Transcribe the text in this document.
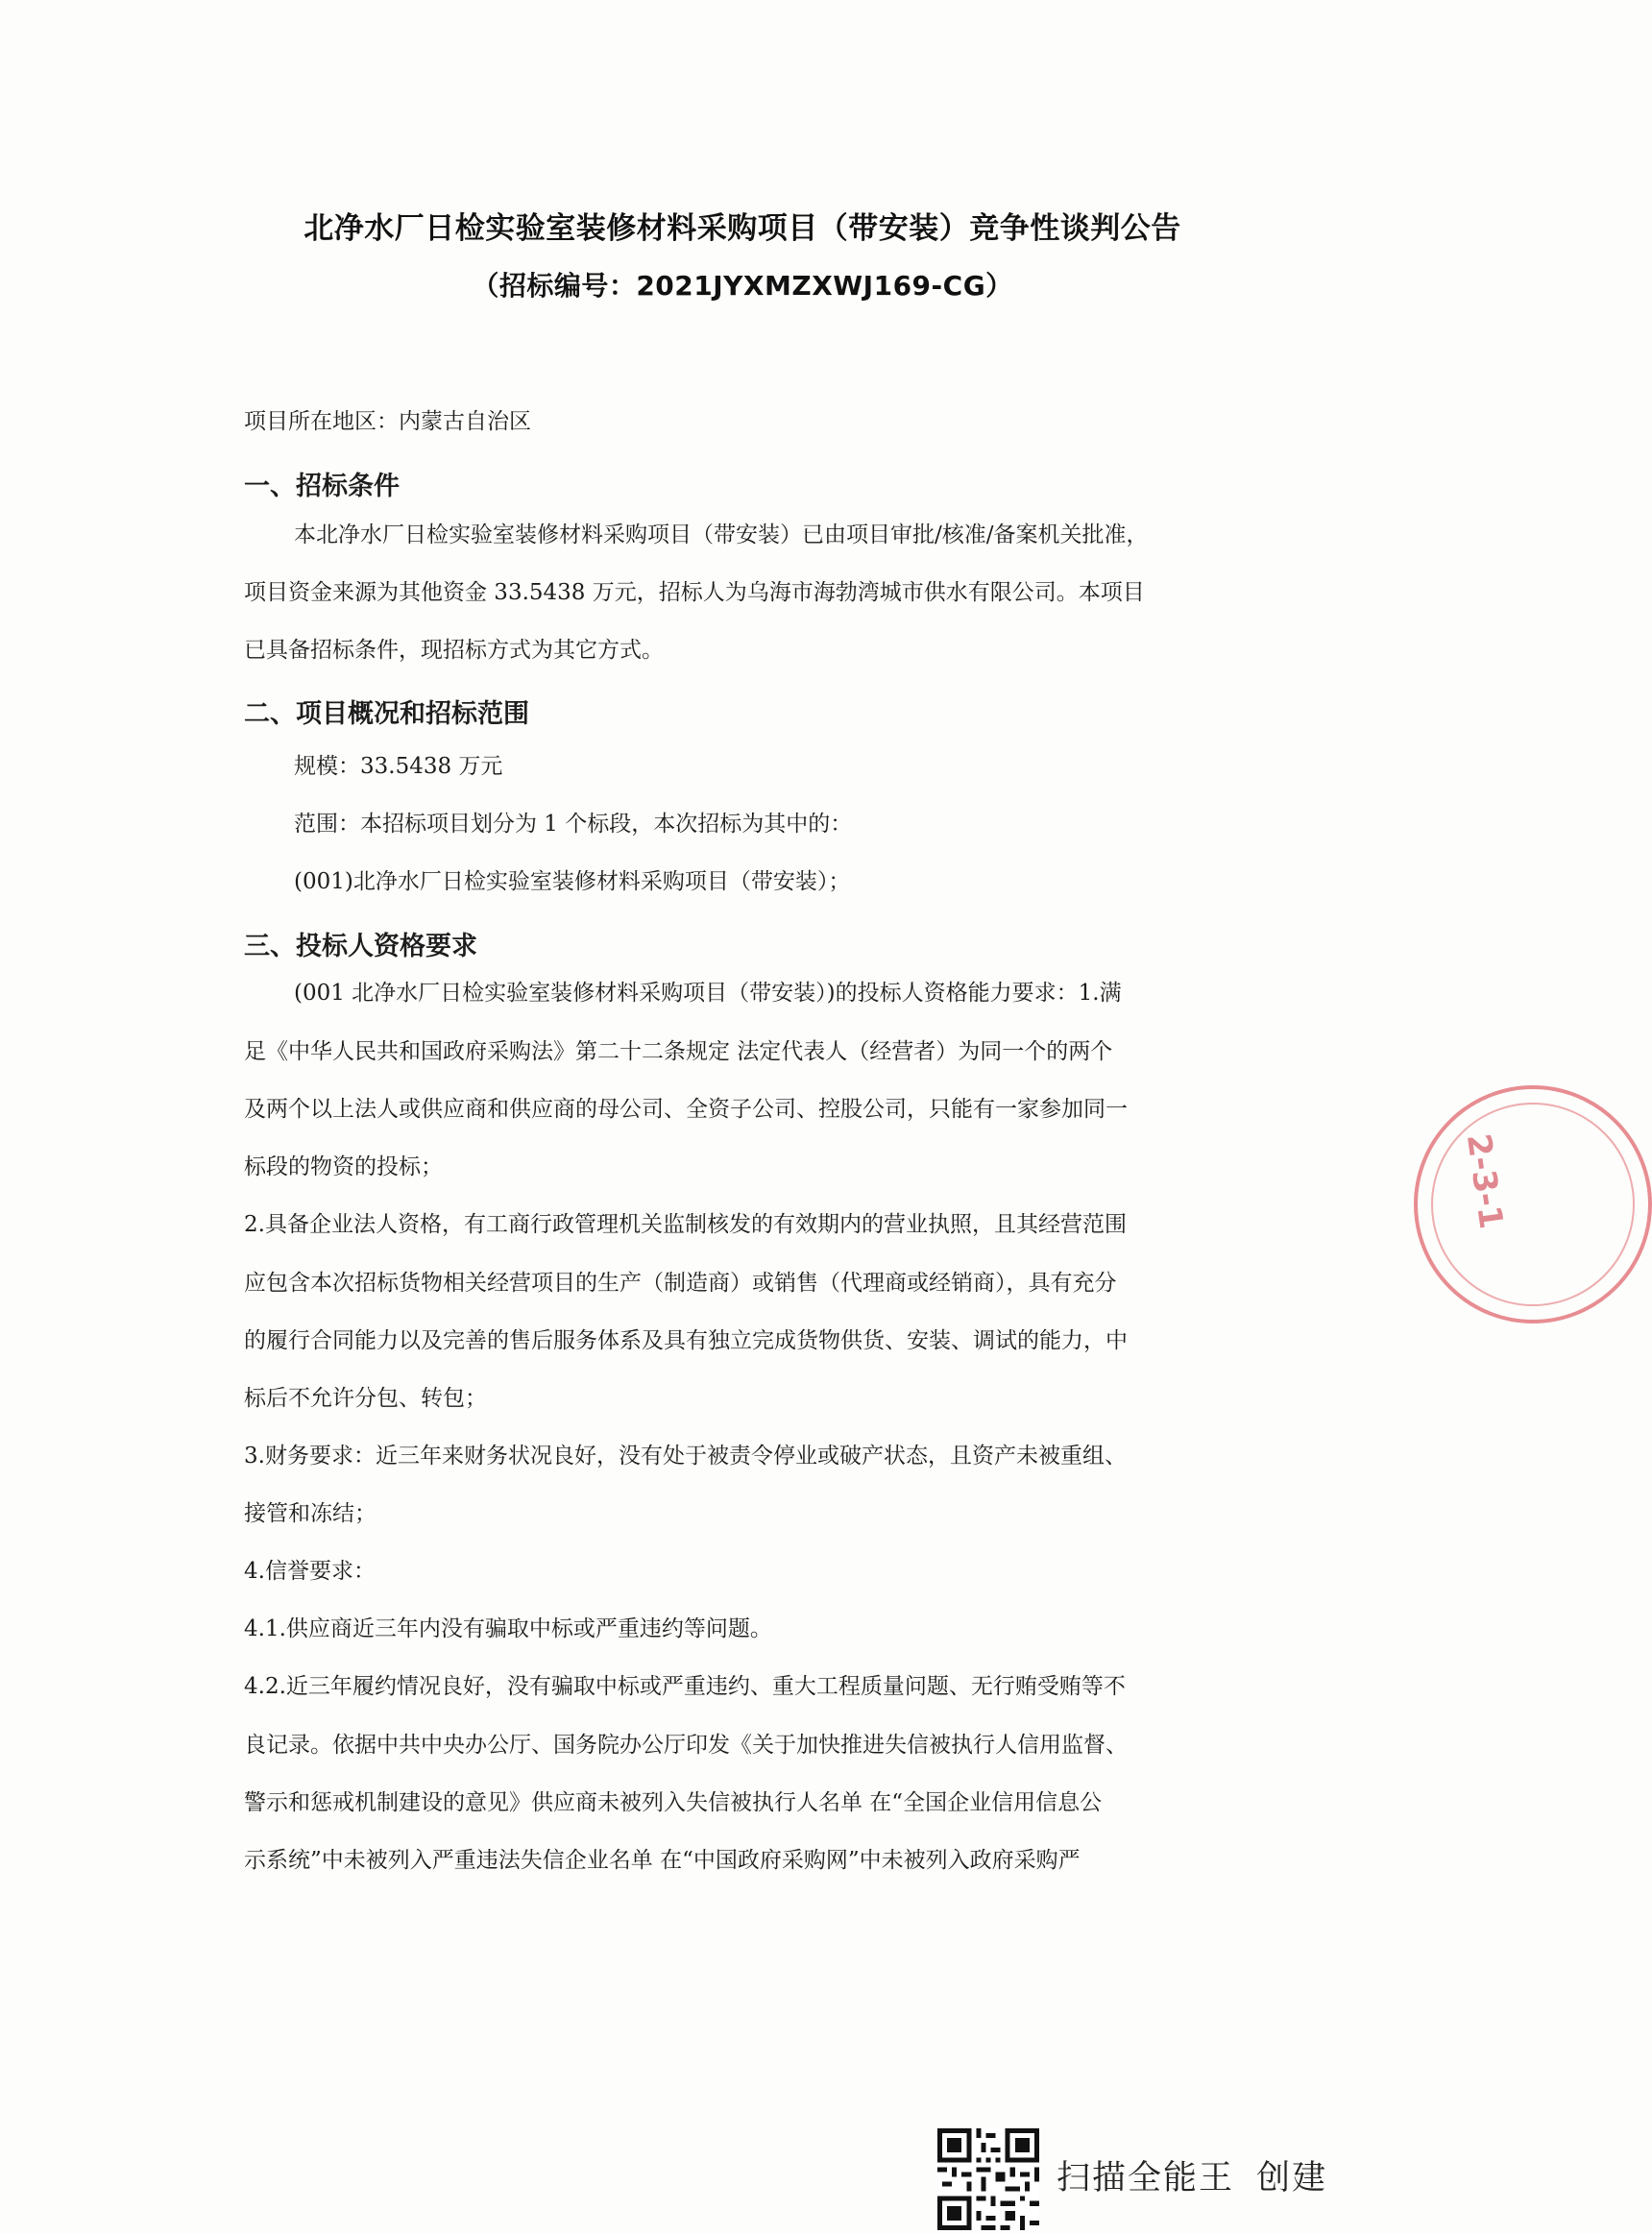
北净水厂日检实验室装修材料采购项目（带安装）竞争性谈判公告
（招标编号：2021JYXMZXWJ169-CG）
项目所在地区：内蒙古自治区
一、招标条件
本北净水厂日检实验室装修材料采购项目（带安装）已由项目审批/核准/备案机关批准，
项目资金来源为其他资金 33.5438 万元，招标人为乌海市海勃湾城市供水有限公司。本项目
已具备招标条件，现招标方式为其它方式。
二、项目概况和招标范围
规模：33.5438 万元
范围：本招标项目划分为 1 个标段，本次招标为其中的：
(001)北净水厂日检实验室装修材料采购项目（带安装）；
三、投标人资格要求
(001 北净水厂日检实验室装修材料采购项目（带安装）)的投标人资格能力要求：1.满
足《中华人民共和国政府采购法》第二十二条规定 法定代表人（经营者）为同一个的两个
及两个以上法人或供应商和供应商的母公司、全资子公司、控股公司，只能有一家参加同一
标段的物资的投标；
2.具备企业法人资格，有工商行政管理机关监制核发的有效期内的营业执照，且其经营范围
应包含本次招标货物相关经营项目的生产（制造商）或销售（代理商或经销商），具有充分
的履行合同能力以及完善的售后服务体系及具有独立完成货物供货、安装、调试的能力，中
标后不允许分包、转包；
3.财务要求：近三年来财务状况良好，没有处于被责令停业或破产状态，且资产未被重组、
接管和冻结；
4.信誉要求：
4.1.供应商近三年内没有骗取中标或严重违约等问题。
4.2.近三年履约情况良好，没有骗取中标或严重违约、重大工程质量问题、无行贿受贿等不
良记录。依据中共中央办公厅、国务院办公厅印发《关于加快推进失信被执行人信用监督、
警示和惩戒机制建设的意见》供应商未被列入失信被执行人名单 在“全国企业信用信息公
示系统”中未被列入严重违法失信企业名单 在“中国政府采购网”中未被列入政府采购严
2-3-1
扫描全能王 创建
